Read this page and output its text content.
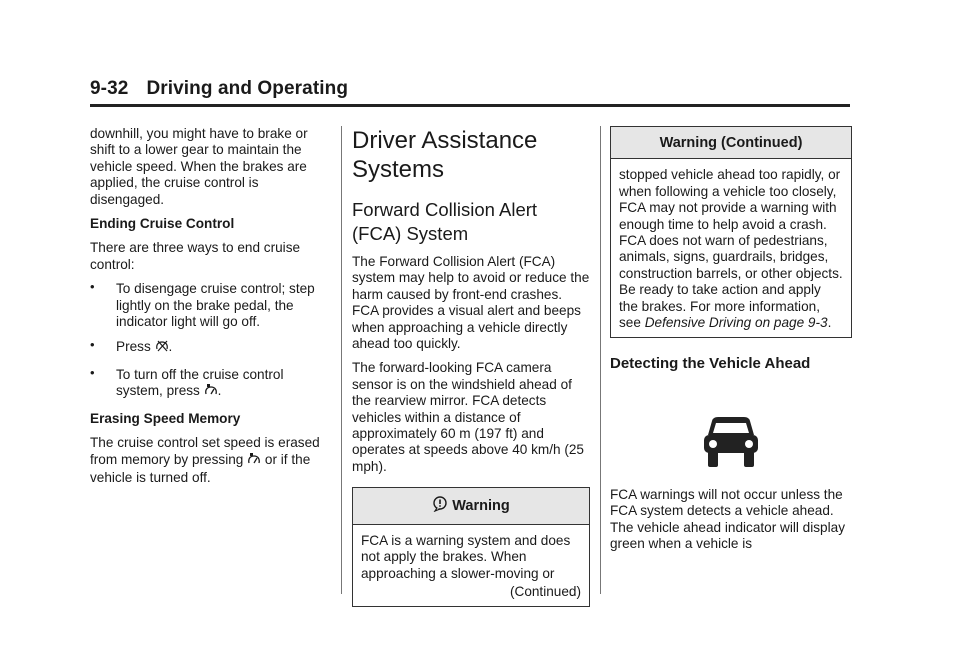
9-32 Driving and Operating

downhill, you might have to brake or shift to a lower gear to maintain the vehicle speed. When the brakes are applied, the cruise control is disengaged.

Ending Cruise Control

There are three ways to end cruise control:

• To disengage cruise control; step lightly on the brake pedal, the indicator light will go off.
• Press .
• To turn off the cruise control system, press .

Erasing Speed Memory

The cruise control set speed is erased from memory by pressing or if the vehicle is turned off.

Driver Assistance Systems
Forward Collision Alert (FCA) System

The Forward Collision Alert (FCA) system may help to avoid or reduce the harm caused by front-end crashes. FCA provides a visual alert and beeps when approaching a vehicle directly ahead too quickly.

The forward-looking FCA camera sensor is on the windshield ahead of the rearview mirror. FCA detects vehicles within a distance of approximately 60 m (197 ft) and operates at speeds above 40 km/h (25 mph).

Warning
FCA is a warning system and does not apply the brakes. When approaching a slower-moving or
(Continued)
Warning (Continued)
stopped vehicle ahead too rapidly, or when following a vehicle too closely, FCA may not provide a warning with enough time to help avoid a crash. FCA does not warn of pedestrians, animals, signs, guardrails, bridges, construction barrels, or other objects. Be ready to take action and apply the brakes. For more information, see Defensive Driving on page 9-3.
Detecting the Vehicle Ahead

FCA warnings will not occur unless the FCA system detects a vehicle ahead. The vehicle ahead indicator will display green when a vehicle is
